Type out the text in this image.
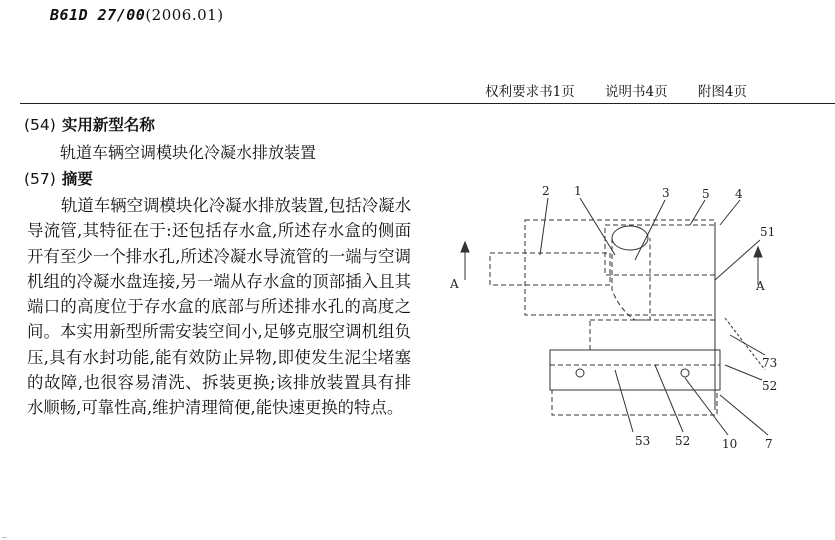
B61D 27/00(2006.01)
权利要求书1页 说明书4页 附图4页
(54) 实用新型名称
轨道车辆空调模块化冷凝水排放装置
(57) 摘要
轨道车辆空调模块化冷凝水排放装置,包括冷凝水导流管,其特征在于:还包括存水盒,所述存水盒的侧面开有至少一个排水孔,所述冷凝水导流管的一端与空调机组的冷凝水盘连接,另一端从存水盒的顶部插入且其端口的高度位于存水盒的底部与所述排水孔的高度之间。本实用新型所需安装空间小,足够克服空调机组负压,具有水封功能,能有效防止异物,即使发生泥尘堵塞的故障,也很容易清洗、拆装更换;该排放装置具有排水顺畅,可靠性高,维护清理简便,能快速更换的特点。
2 1	3	5 4
51
A	A
73
52
53 52	10 7
_
